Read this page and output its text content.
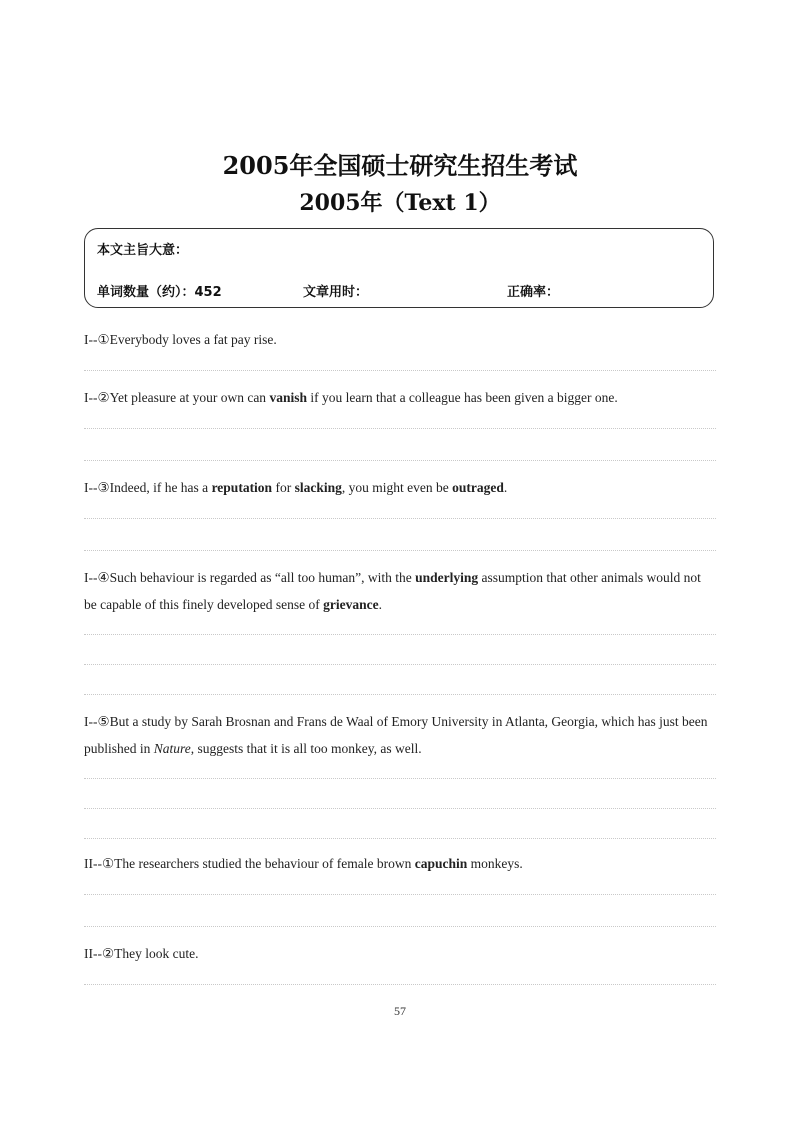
2005年全国硕士研究生招生考试
2005年（Text 1）
本文主旨大意：
单词数量（约）：452	文章用时：	正确率：
I--①Everybody loves a fat pay rise.
I--②Yet pleasure at your own can vanish if you learn that a colleague has been given a bigger one.
I--③Indeed, if he has a reputation for slacking, you might even be outraged.
I--④Such behaviour is regarded as “all too human”, with the underlying assumption that other animals would not be capable of this finely developed sense of grievance.
I--⑤But a study by Sarah Brosnan and Frans de Waal of Emory University in Atlanta, Georgia, which has just been published in Nature, suggests that it is all too monkey, as well.
II--①The researchers studied the behaviour of female brown capuchin monkeys.
II--②They look cute.
57
